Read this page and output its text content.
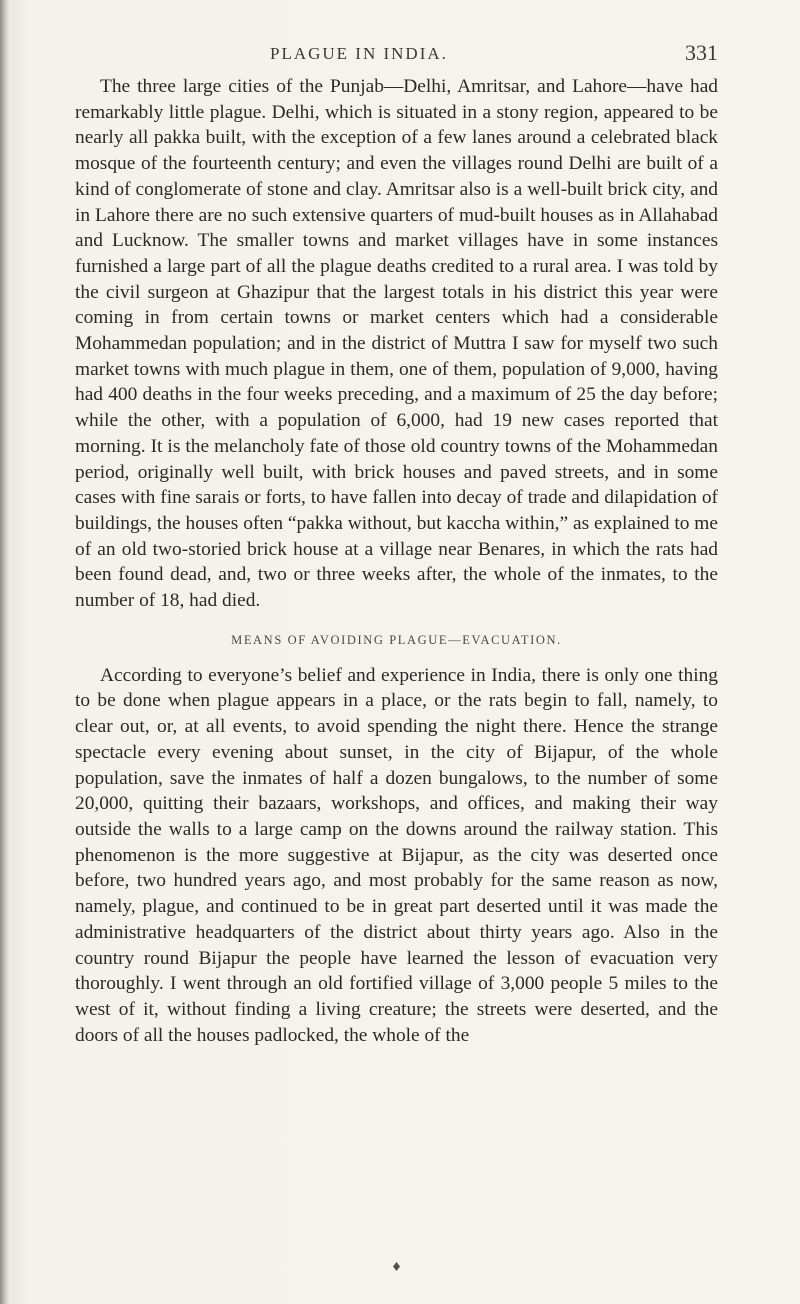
PLAGUE IN INDIA.	331

The three large cities of the Punjab—Delhi, Amritsar, and Lahore—have had remarkably little plague. Delhi, which is situated in a stony region, appeared to be nearly all pakka built, with the exception of a few lanes around a celebrated black mosque of the fourteenth century; and even the villages round Delhi are built of a kind of conglomerate of stone and clay. Amritsar also is a well-built brick city, and in Lahore there are no such extensive quarters of mud-built houses as in Allahabad and Lucknow. The smaller towns and market villages have in some instances furnished a large part of all the plague deaths credited to a rural area. I was told by the civil surgeon at Ghazipur that the largest totals in his district this year were coming in from certain towns or market centers which had a considerable Mohammedan population; and in the district of Muttra I saw for myself two such market towns with much plague in them, one of them, population of 9,000, having had 400 deaths in the four weeks preceding, and a maximum of 25 the day before; while the other, with a population of 6,000, had 19 new cases reported that morning. It is the melancholy fate of those old country towns of the Mohammedan period, originally well built, with brick houses and paved streets, and in some cases with fine sarais or forts, to have fallen into decay of trade and dilapidation of buildings, the houses often “pakka without, but kaccha within,” as explained to me of an old two-storied brick house at a village near Benares, in which the rats had been found dead, and, two or three weeks after, the whole of the inmates, to the number of 18, had died.

MEANS OF AVOIDING PLAGUE—EVACUATION.

According to everyone’s belief and experience in India, there is only one thing to be done when plague appears in a place, or the rats begin to fall, namely, to clear out, or, at all events, to avoid spending the night there. Hence the strange spectacle every evening about sunset, in the city of Bijapur, of the whole population, save the inmates of half a dozen bungalows, to the number of some 20,000, quitting their bazaars, workshops, and offices, and making their way outside the walls to a large camp on the downs around the railway station. This phenomenon is the more suggestive at Bijapur, as the city was deserted once before, two hundred years ago, and most probably for the same reason as now, namely, plague, and continued to be in great part deserted until it was made the administrative headquarters of the district about thirty years ago. Also in the country round Bijapur the people have learned the lesson of evacuation very thoroughly. I went through an old fortified village of 3,000 people 5 miles to the west of it, without finding a living creature; the streets were deserted, and the doors of all the houses padlocked, the whole of the
